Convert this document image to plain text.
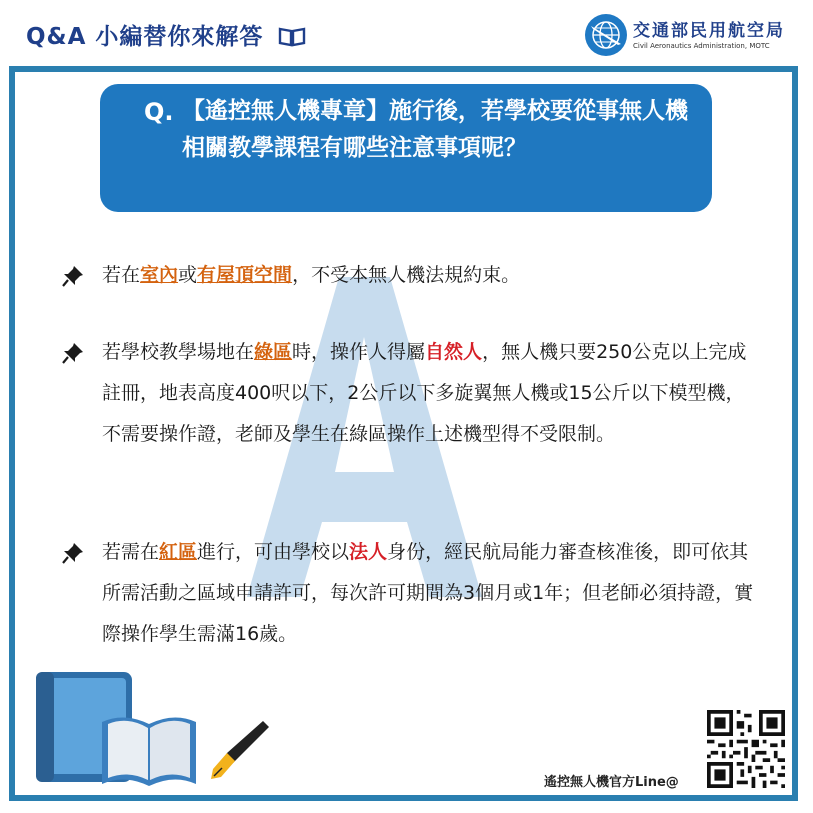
Q&A 小編替你來解答	交通部民用航空局
Civil Aeronautics Administration, MOTC
Q. 【遙控無人機專章】施行後，若學校要從事無人機相關教學課程有哪些注意事項呢？
若在室內或有屋頂空間，不受本無人機法規約束。
若學校教學場地在綠區時，操作人得屬自然人，無人機只要250公克以上完成註冊，地表高度400呎以下，2公斤以下多旋翼無人機或15公斤以下模型機，不需要操作證，老師及學生在綠區操作上述機型得不受限制。
若需在紅區進行，可由學校以法人身份，經民航局能力審查核准後，即可依其所需活動之區域申請許可，每次許可期間為3個月或1年；但老師必須持證，實際操作學生需滿16歲。
遙控無人機官方Line@
